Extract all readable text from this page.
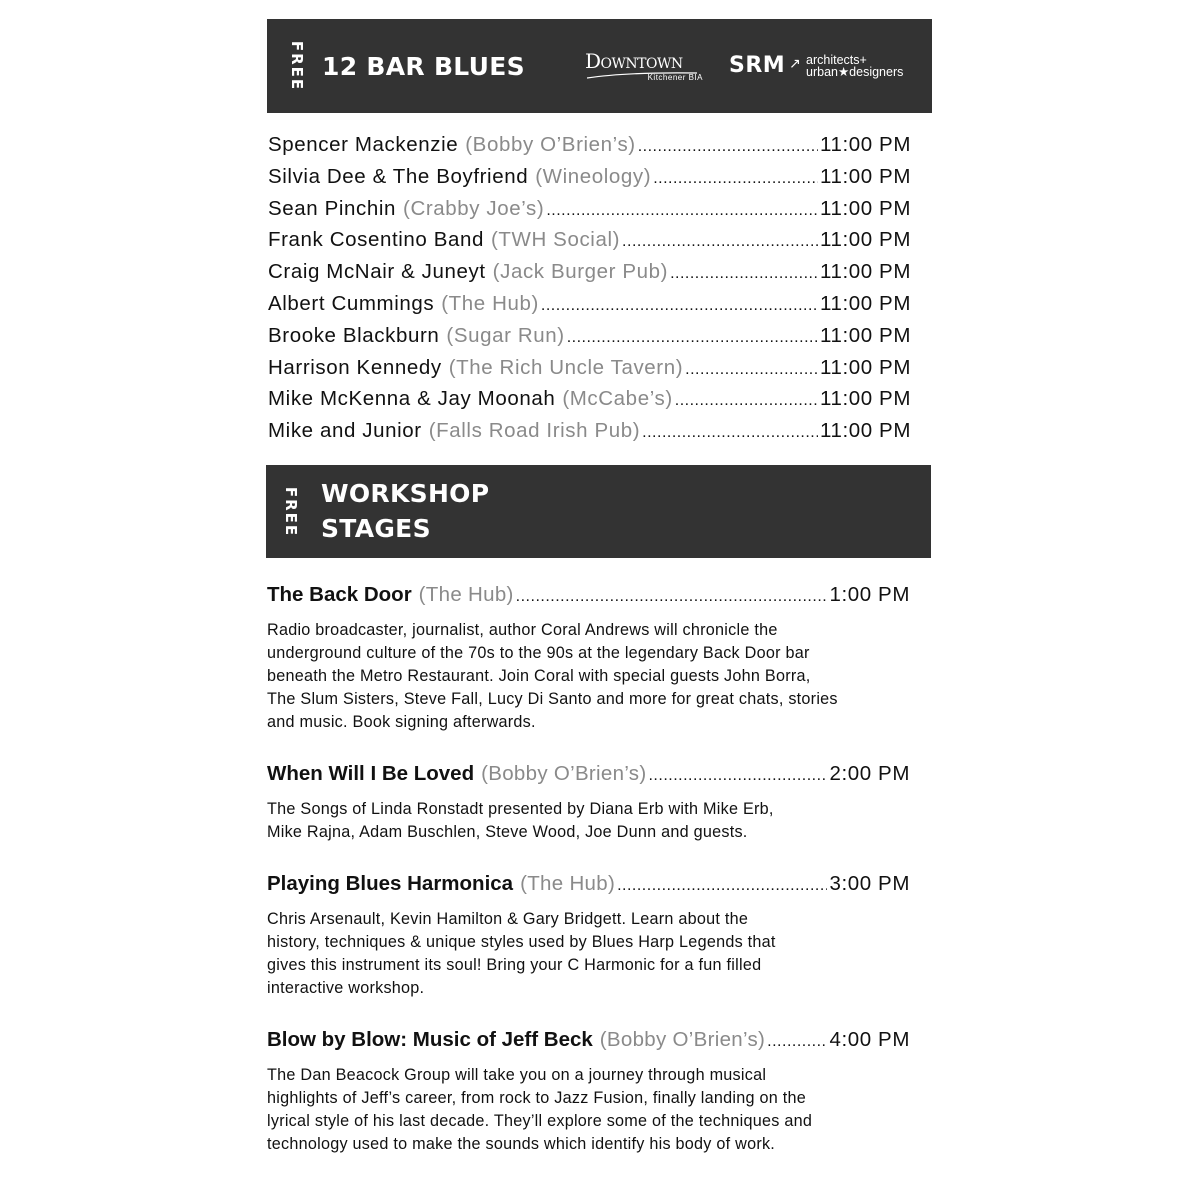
FREE 12 BAR BLUES	Downtown
Kitchener BIA SRM ↗ architects+
urban★designers
Spencer Mackenzie (Bobby O’Brien’s) .....	11:00 PM
Silvia Dee & The Boyfriend (Wineology) .....	11:00 PM
Sean Pinchin (Crabby Joe’s) .....	11:00 PM
Frank Cosentino Band (TWH Social) .....	11:00 PM
Craig McNair & Juneyt (Jack Burger Pub) .....	11:00 PM
Albert Cummings (The Hub) .....	11:00 PM
Brooke Blackburn (Sugar Run) .....	11:00 PM
Harrison Kennedy (The Rich Uncle Tavern) .....	11:00 PM
Mike McKenna & Jay Moonah (McCabe’s) .....	11:00 PM
Mike and Junior (Falls Road Irish Pub) .....	11:00 PM
FREE WORKSHOP
STAGES
The Back Door (The Hub) .....	1:00 PM
Radio broadcaster, journalist, author Coral Andrews will chronicle the
underground culture of the 70s to the 90s at the legendary Back Door bar
beneath the Metro Restaurant. Join Coral with special guests John Borra,
The Slum Sisters, Steve Fall, Lucy Di Santo and more for great chats, stories
and music. Book signing afterwards.
When Will I Be Loved (Bobby O’Brien’s) .....	2:00 PM
The Songs of Linda Ronstadt presented by Diana Erb with Mike Erb,
Mike Rajna, Adam Buschlen, Steve Wood, Joe Dunn and guests.
Playing Blues Harmonica (The Hub) .....	3:00 PM
Chris Arsenault, Kevin Hamilton & Gary Bridgett. Learn about the
history, techniques & unique styles used by Blues Harp Legends that
gives this instrument its soul! Bring your C Harmonic for a fun filled
interactive workshop.
Blow by Blow: Music of Jeff Beck (Bobby O’Brien’s) .....	4:00 PM
The Dan Beacock Group will take you on a journey through musical
highlights of Jeff’s career, from rock to Jazz Fusion, finally landing on the
lyrical style of his last decade. They’ll explore some of the techniques and
technology used to make the sounds which identify his body of work.
